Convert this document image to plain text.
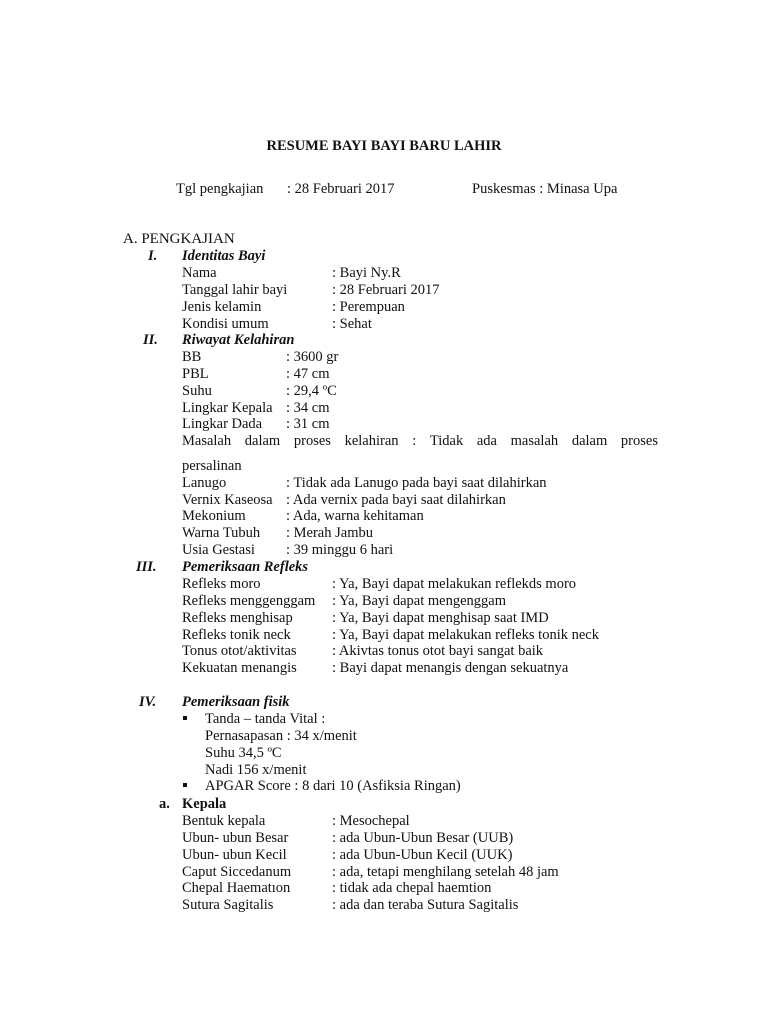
RESUME BAYI BAYI BARU LAHIR
Tgl pengkajian : 28 Februari 2017	Puskesmas : Minasa Upa
A. PENGKAJIAN
I. Identitas Bayi
Nama	: Bayi Ny.R
Tanggal lahir bayi	: 28 Februari 2017
Jenis kelamin	: Perempuan
Kondisi umum	: Sehat
II. Riwayat Kelahiran
BB	: 3600 gr
PBL	: 47 cm
Suhu	: 29,4 ºC
Lingkar Kepala : 34 cm
Lingkar Dada : 31 cm
Masalah dalam proses kelahiran : Tidak ada masalah dalam proses
persalinan
Lanugo	: Tidak ada Lanugo pada bayi saat dilahirkan
Vernix Kaseosa : Ada vernix pada bayi saat dilahirkan
Mekonium	: Ada, warna kehitaman
Warna Tubuh : Merah Jambu
Usia Gestasi : 39 minggu 6 hari
III. Pemeriksaan Refleks
Refleks moro	: Ya, Bayi dapat melakukan reflekds moro
Refleks menggenggam : Ya, Bayi dapat mengenggam
Refleks menghisap	: Ya, Bayi dapat menghisap saat IMD
Refleks tonik neck	: Ya, Bayi dapat melakukan refleks tonik neck
Tonus otot/aktivitas : Akivtas tonus otot bayi sangat baik
Kekuatan menangis : Bayi dapat menangis dengan sekuatnya
IV. Pemeriksaan fisik
Tanda – tanda Vital :
Pernasapasan : 34 x/menit
Suhu 34,5 ºC
Nadi 156 x/menit
APGAR Score : 8 dari 10 (Asfiksia Ringan)
a. Kepala
Bentuk kepala	: Mesochepal
Ubun- ubun Besar	: ada Ubun-Ubun Besar (UUB)
Ubun- ubun Kecil	: ada Ubun-Ubun Kecil (UUK)
Caput Siccedanum	: ada, tetapi menghilang setelah 48 jam
Chepal Haematıon	: tidak ada chepal haemtion
Sutura Sagitalis	: ada dan teraba Sutura Sagitalis
